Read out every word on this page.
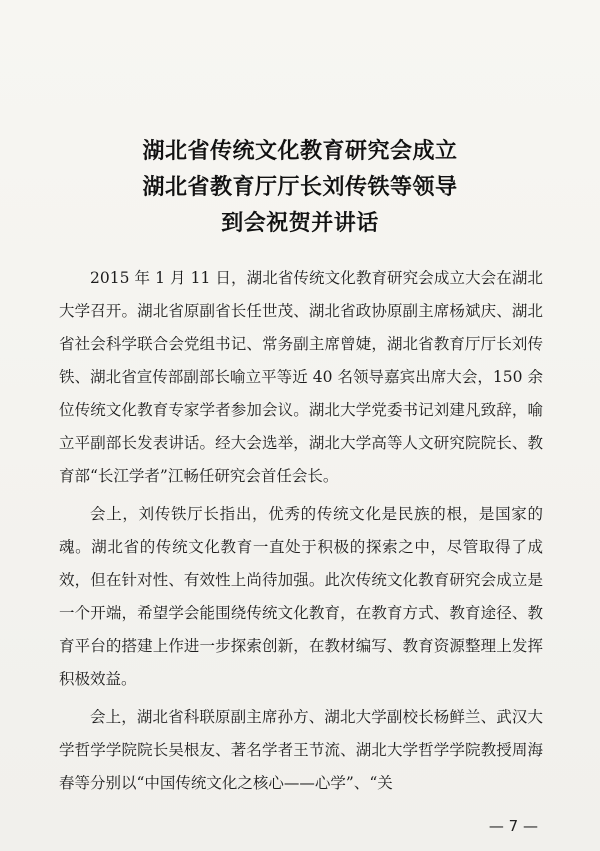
湖北省传统文化教育研究会成立

湖北省教育厅厅长刘传铁等领导

到会祝贺并讲话

2015 年 1 月 11 日，湖北省传统文化教育研究会成立大会在湖北大学召开。湖北省原副省长任世茂、湖北省政协原副主席杨斌庆、湖北省社会科学联合会党组书记、常务副主席曾婕，湖北省教育厅厅长刘传铁、湖北省宣传部副部长喻立平等近 40 名领导嘉宾出席大会，150 余位传统文化教育专家学者参加会议。湖北大学党委书记刘建凡致辞，喻立平副部长发表讲话。经大会选举，湖北大学高等人文研究院院长、教育部“长江学者”江畅任研究会首任会长。

会上，刘传铁厅长指出，优秀的传统文化是民族的根，是国家的魂。湖北省的传统文化教育一直处于积极的探索之中，尽管取得了成效，但在针对性、有效性上尚待加强。此次传统文化教育研究会成立是一个开端，希望学会能围绕传统文化教育，在教育方式、教育途径、教育平台的搭建上作进一步探索创新，在教材编写、教育资源整理上发挥积极效益。

会上，湖北省科联原副主席孙方、湖北大学副校长杨鲜兰、武汉大学哲学学院院长吴根友、著名学者王节流、湖北大学哲学学院教授周海春等分别以“中国传统文化之核心——心学”、“关

— 7 —
